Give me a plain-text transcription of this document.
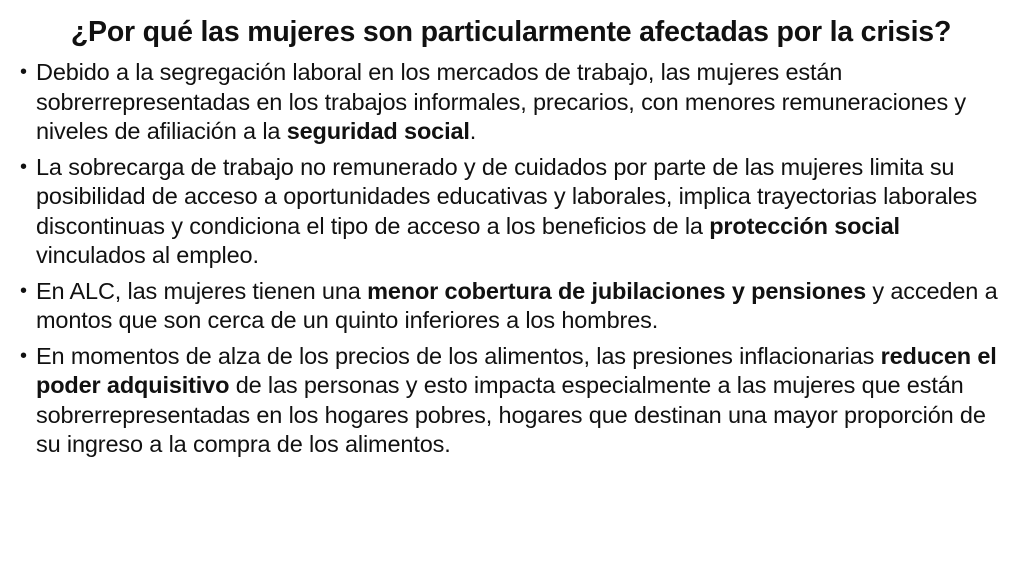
¿Por qué las mujeres son particularmente afectadas por la crisis?
• Debido a la segregación laboral en los mercados de trabajo, las mujeres están sobrerrepresentadas en los trabajos informales, precarios, con menores remuneraciones y niveles de afiliación a la seguridad social.
• La sobrecarga de trabajo no remunerado y de cuidados por parte de las mujeres limita su posibilidad de acceso a oportunidades educativas y laborales, implica trayectorias laborales discontinuas y condiciona el tipo de acceso a los beneficios de la protección social vinculados al empleo.
• En ALC, las mujeres tienen una menor cobertura de jubilaciones y pensiones y acceden a montos que son cerca de un quinto inferiores a los hombres.
• En momentos de alza de los precios de los alimentos, las presiones inflacionarias reducen el poder adquisitivo de las personas y esto impacta especialmente a las mujeres que están sobrerrepresentadas en los hogares pobres, hogares que destinan una mayor proporción de su ingreso a la compra de los alimentos.
